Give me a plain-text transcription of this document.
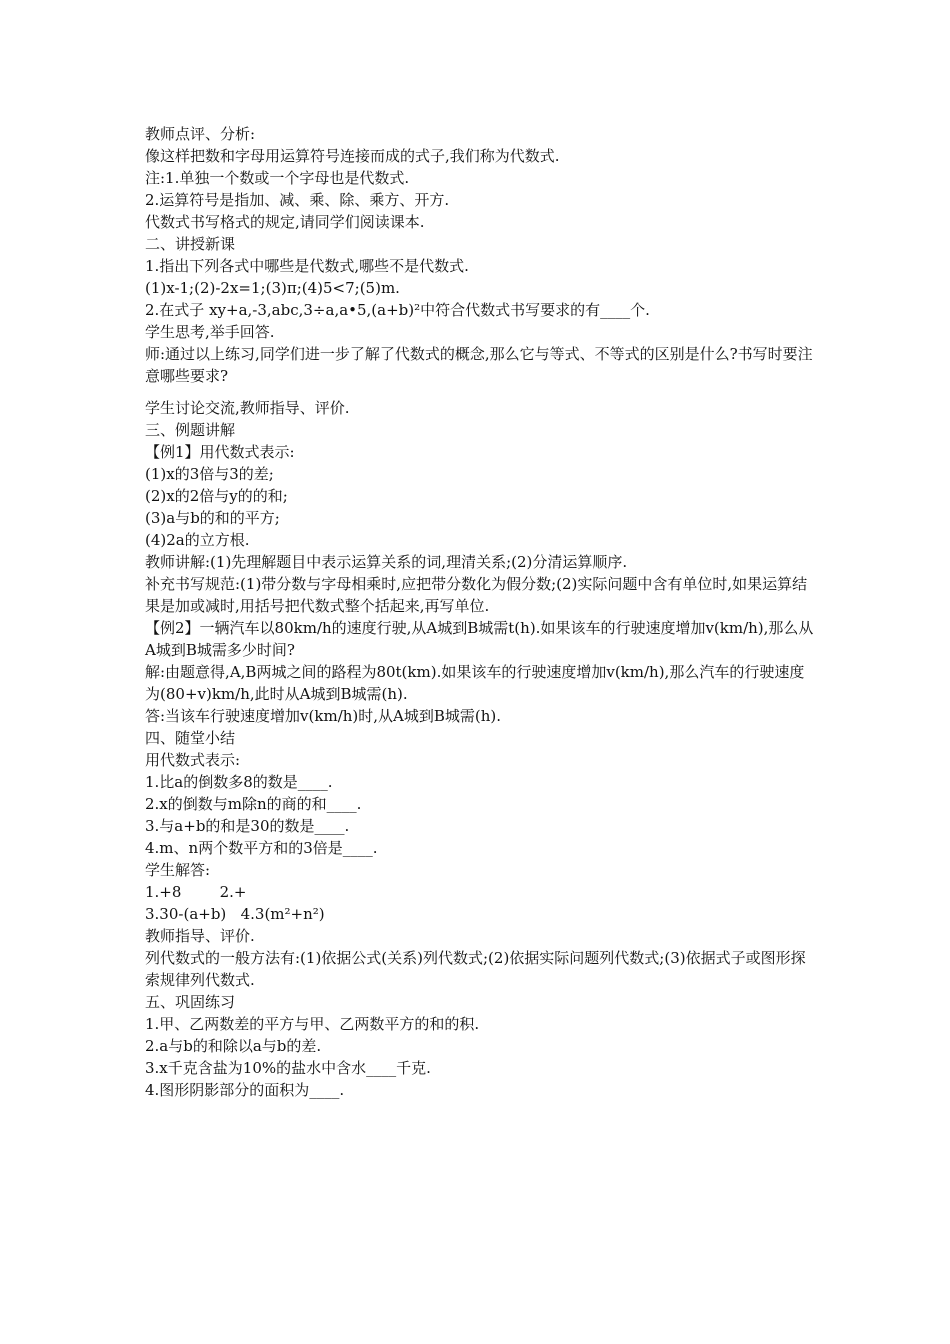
教师点评、分析:

像这样把数和字母用运算符号连接而成的式子,我们称为代数式.

注:1.单独一个数或一个字母也是代数式.

2.运算符号是指加、减、乘、除、乘方、开方.

代数式书写格式的规定,请同学们阅读课本.

二、讲授新课

1.指出下列各式中哪些是代数式,哪些不是代数式.

(1)x-1;(2)-2x=1;(3)π;(4)5<7;(5)m.

2.在式子 xy+a,-3,abc,3÷a,a•5,(a+b)²中符合代数式书写要求的有____个.

学生思考,举手回答.

师:通过以上练习,同学们进一步了解了代数式的概念,那么它与等式、不等式的区别是什么?书写时要注意哪些要求?

学生讨论交流,教师指导、评价.

三、例题讲解

【例1】用代数式表示:

(1)x的3倍与3的差;

(2)x的2倍与y的的和;

(3)a与b的和的平方;

(4)2a的立方根.

教师讲解:(1)先理解题目中表示运算关系的词,理清关系;(2)分清运算顺序.

补充书写规范:(1)带分数与字母相乘时,应把带分数化为假分数;(2)实际问题中含有单位时,如果运算结果是加或减时,用括号把代数式整个括起来,再写单位.

【例2】一辆汽车以80km/h的速度行驶,从A城到B城需t(h).如果该车的行驶速度增加v(km/h),那么从A城到B城需多少时间?

解:由题意得,A,B两城之间的路程为80t(km).如果该车的行驶速度增加v(km/h),那么汽车的行驶速度为(80+v)km/h,此时从A城到B城需(h).

答:当该车行驶速度增加v(km/h)时,从A城到B城需(h).

四、随堂小结

用代数式表示:

1.比a的倒数多8的数是____.

2.x的倒数与m除n的商的和____.

3.与a+b的和是30的数是____.

4.m、n两个数平方和的3倍是____.

学生解答:

1.+8        2.+

3.30-(a+b)   4.3(m²+n²)

教师指导、评价.

列代数式的一般方法有:(1)依据公式(关系)列代数式;(2)依据实际问题列代数式;(3)依据式子或图形探索规律列代数式.

五、巩固练习

1.甲、乙两数差的平方与甲、乙两数平方的和的积.

2.a与b的和除以a与b的差.

3.x千克含盐为10%的盐水中含水____千克.

4.图形阴影部分的面积为____.
